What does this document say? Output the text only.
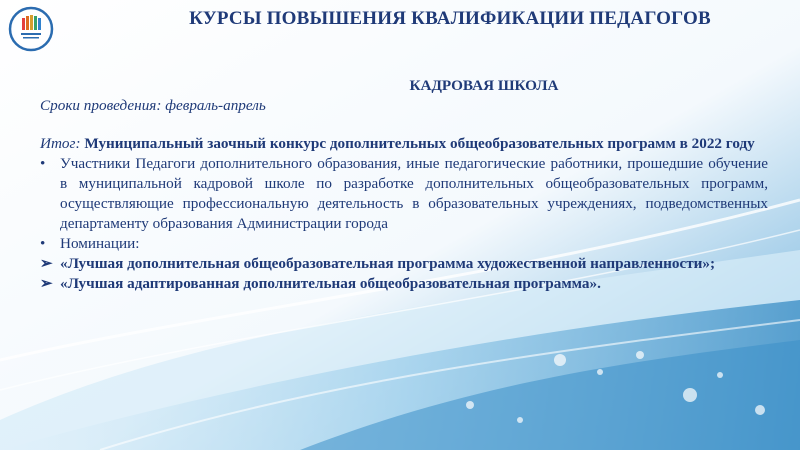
КУРСЫ ПОВЫШЕНИЯ КВАЛИФИКАЦИИ ПЕДАГОГОВ
КАДРОВАЯ ШКОЛА
Сроки проведения: февраль-апрель
Итог: Муниципальный заочный конкурс дополнительных общеобразовательных программ в 2022 году
• Участники Педагоги дополнительного образования, иные педагогические работники, прошедшие обучение в муниципальной кадровой школе по разработке дополнительных общеобразовательных программ, осуществляющие профессиональную деятельность в образовательных учреждениях, подведомственных департаменту образования Администрации города
• Номинации:
➢ «Лучшая дополнительная общеобразовательная программа художественной направленности»;
➢ «Лучшая адаптированная дополнительная общеобразовательная программа».
